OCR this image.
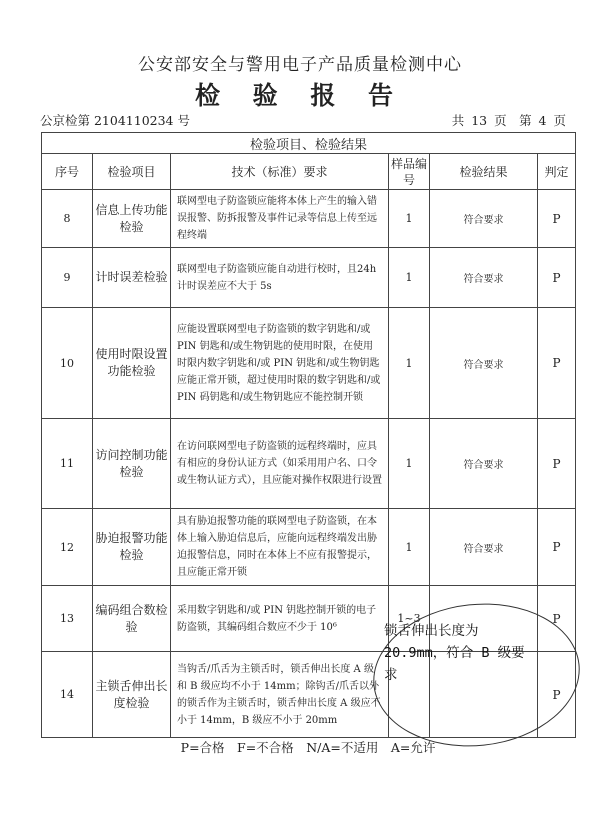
公安部安全与警用电子产品质量检测中心
检 验 报 告
公京检第 2104110234 号	共 13 页　第 4 页
检验项目、检验结果					
序号	检验项目	技术（标准）要求	样品编号	检验结果	判定
8	信息上传功能检验	联网型电子防盗锁应能将本体上产生的输入错误报警、防拆报警及事件记录等信息上传至远程终端	1	符合要求	P
9	计时误差检验	联网型电子防盗锁应能自动进行校时，且24h 计时误差应不大于 5s	1	符合要求	P
10	使用时限设置功能检验	应能设置联网型电子防盗锁的数字钥匙和/或 PIN 钥匙和/或生物钥匙的使用时限，在使用时限内数字钥匙和/或 PIN 钥匙和/或生物钥匙应能正常开锁，超过使用时限的数字钥匙和/或 PIN 码钥匙和/或生物钥匙应不能控制开锁	1	符合要求	P
11	访问控制功能检验	在访问联网型电子防盗锁的远程终端时，应具有相应的身份认证方式（如采用用户名、口令或生物认证方式），且应能对操作权限进行设置	1	符合要求	P
12	胁迫报警功能检验	具有胁迫报警功能的联网型电子防盗锁，在本体上输入胁迫信息后，应能向远程终端发出胁迫报警信息，同时在本体上不应有报警提示，且应能正常开锁	1	符合要求	P
13	编码组合数检验	采用数字钥匙和/或 PIN 钥匙控制开锁的电子防盗锁，其编码组合数应不少于 10⁶	1~3		P
14	主锁舌伸出长度检验	当钩舌/爪舌为主锁舌时，锁舌伸出长度 A 级和 B 级应均不小于 14mm；除钩舌/爪舌以外的锁舌作为主锁舌时，锁舌伸出长度 A 级应不小于 14mm，B 级应不小于 20mm			P
锁舌伸出长度为 20.9mm，符合 B 级要求
P=合格　F=不合格　N/A=不适用　A=允许
